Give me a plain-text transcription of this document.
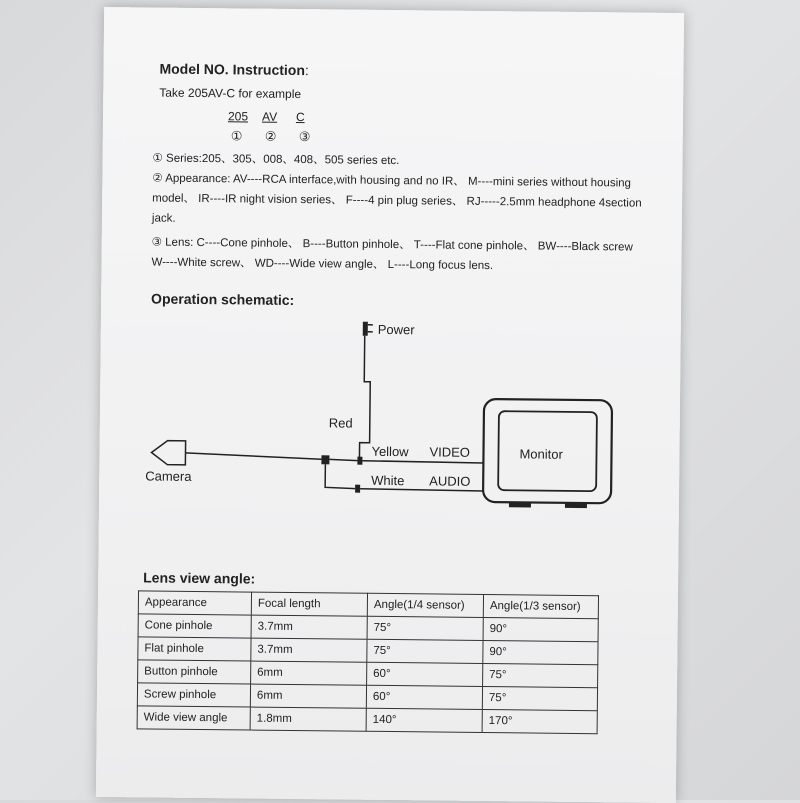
Model NO. Instruction:
Take 205AV-C for example
205 AV C
① ② ③
① Series:205、305、008、408、505 series etc.
② Appearance: AV----RCA interface,with housing and no IR、 M----mini series without housing
model、 IR----IR night vision series、 F----4 pin plug series、 RJ-----2.5mm headphone 4section
jack.
③ Lens: C----Cone pinhole、 B----Button pinhole、 T----Flat cone pinhole、 BW----Black screw
W----White screw、 WD----Wide view angle、 L----Long focus lens.
Operation schematic:
Power
Red
Camera
Yellow VIDEO
White AUDIO
Monitor
Lens view angle:
Appearance	Focal length	Angle(1/4 sensor)	Angle(1/3 sensor)
Cone pinhole	3.7mm	75°	90°
Flat pinhole	3.7mm	75°	90°
Button pinhole	6mm	60°	75°
Screw pinhole	6mm	60°	75°
Wide view angle	1.8mm	140°	170°
